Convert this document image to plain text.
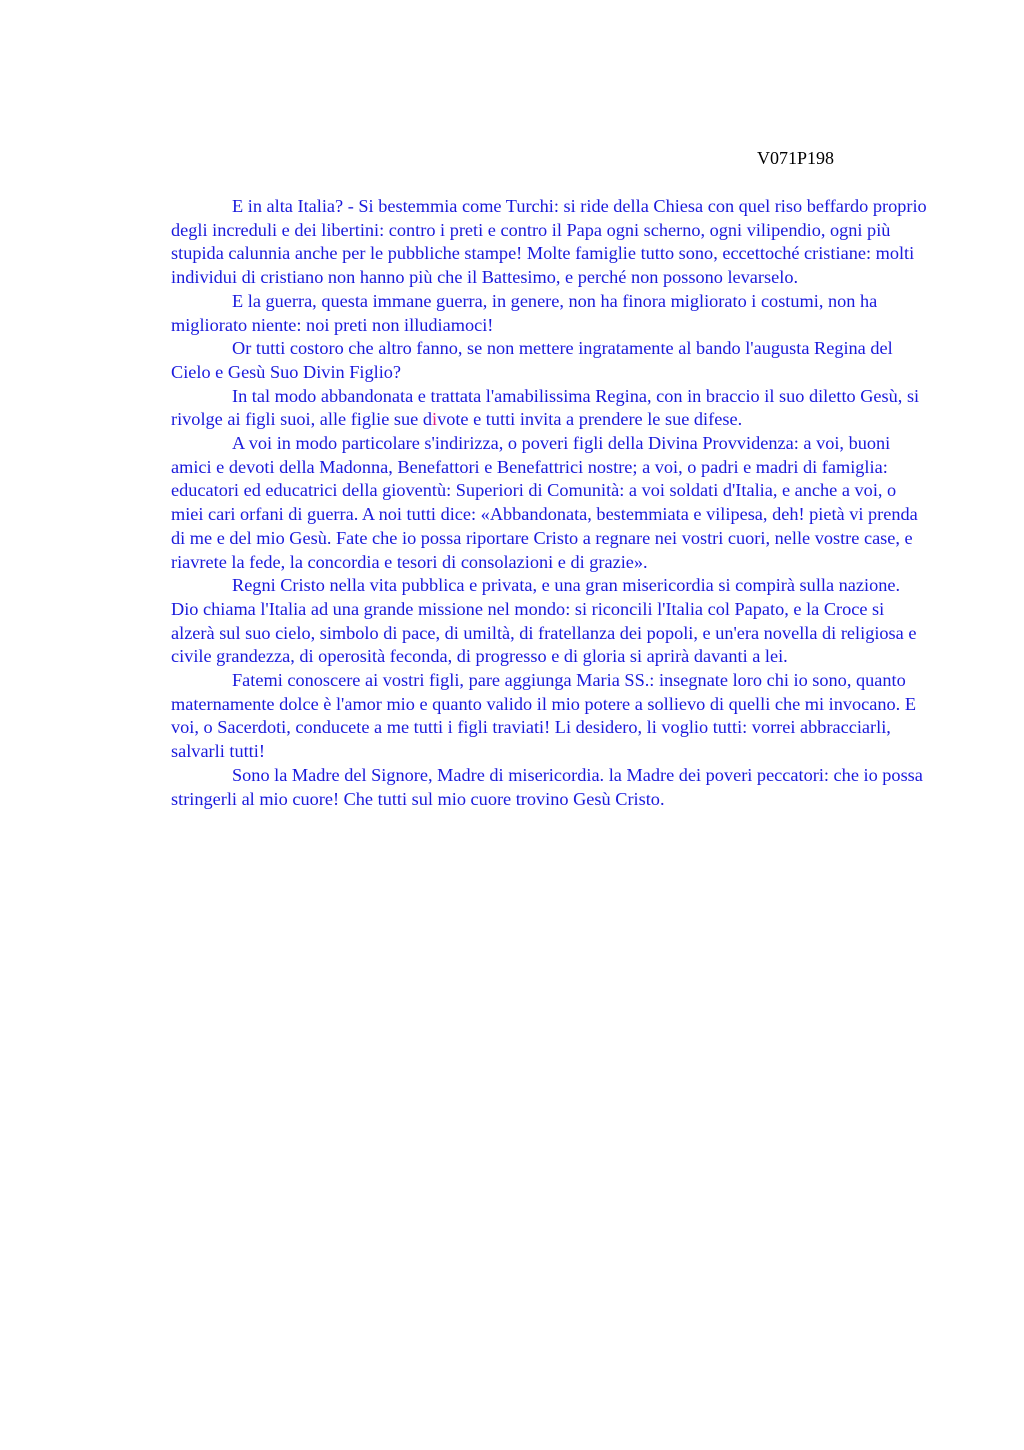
V071P198

E in alta Italia? - Si bestemmia come Turchi: si ride della Chiesa con quel riso beffardo proprio degli increduli e dei libertini: contro i preti e contro il Papa ogni scherno, ogni vilipendio, ogni più stupida calunnia anche per le pubbliche stampe! Molte famiglie tutto sono, eccettoché cristiane: molti individui di cristiano non hanno più che il Battesimo, e perché non possono levarselo.

E la guerra, questa immane guerra, in genere, non ha finora migliorato i costumi, non ha migliorato niente: noi preti non illudiamoci!

Or tutti costoro che altro fanno, se non mettere ingratamente al bando l'augusta Regina del Cielo e Gesù Suo Divin Figlio?

In tal modo abbandonata e trattata l'amabilissima Regina, con in braccio il suo diletto Gesù, si rivolge ai figli suoi, alle figlie sue divote e tutti invita a prendere le sue difese.

A voi in modo particolare s'indirizza, o poveri figli della Divina Provvidenza: a voi, buoni amici e devoti della Madonna, Benefattori e Benefattrici nostre; a voi, o padri e madri di famiglia: educatori ed educatrici della gioventù: Superiori di Comunità: a voi soldati d'Italia, e anche a voi, o miei cari orfani di guerra. A noi tutti dice: «Abbandonata, bestemmiata e vilipesa, deh! pietà vi prenda di me e del mio Gesù. Fate che io possa riportare Cristo a regnare nei vostri cuori, nelle vostre case, e riavrete la fede, la concordia e tesori di consolazioni e di grazie».

Regni Cristo nella vita pubblica e privata, e una gran misericordia si compirà sulla nazione. Dio chiama l'Italia ad una grande missione nel mondo: si riconcili l'Italia col Papato, e la Croce si alzerà sul suo cielo, simbolo di pace, di umiltà, di fratellanza dei popoli, e un'era novella di religiosa e civile grandezza, di operosità feconda, di progresso e di gloria si aprirà davanti a lei.

Fatemi conoscere ai vostri figli, pare aggiunga Maria SS.: insegnate loro chi io sono, quanto maternamente dolce è l'amor mio e quanto valido il mio potere a sollievo di quelli che mi invocano. E voi, o Sacerdoti, conducete a me tutti i figli traviati! Li desidero, li voglio tutti: vorrei abbracciarli, salvarli tutti!

Sono la Madre del Signore, Madre di misericordia. la Madre dei poveri peccatori: che io possa stringerli al mio cuore! Che tutti sul mio cuore trovino Gesù Cristo.
